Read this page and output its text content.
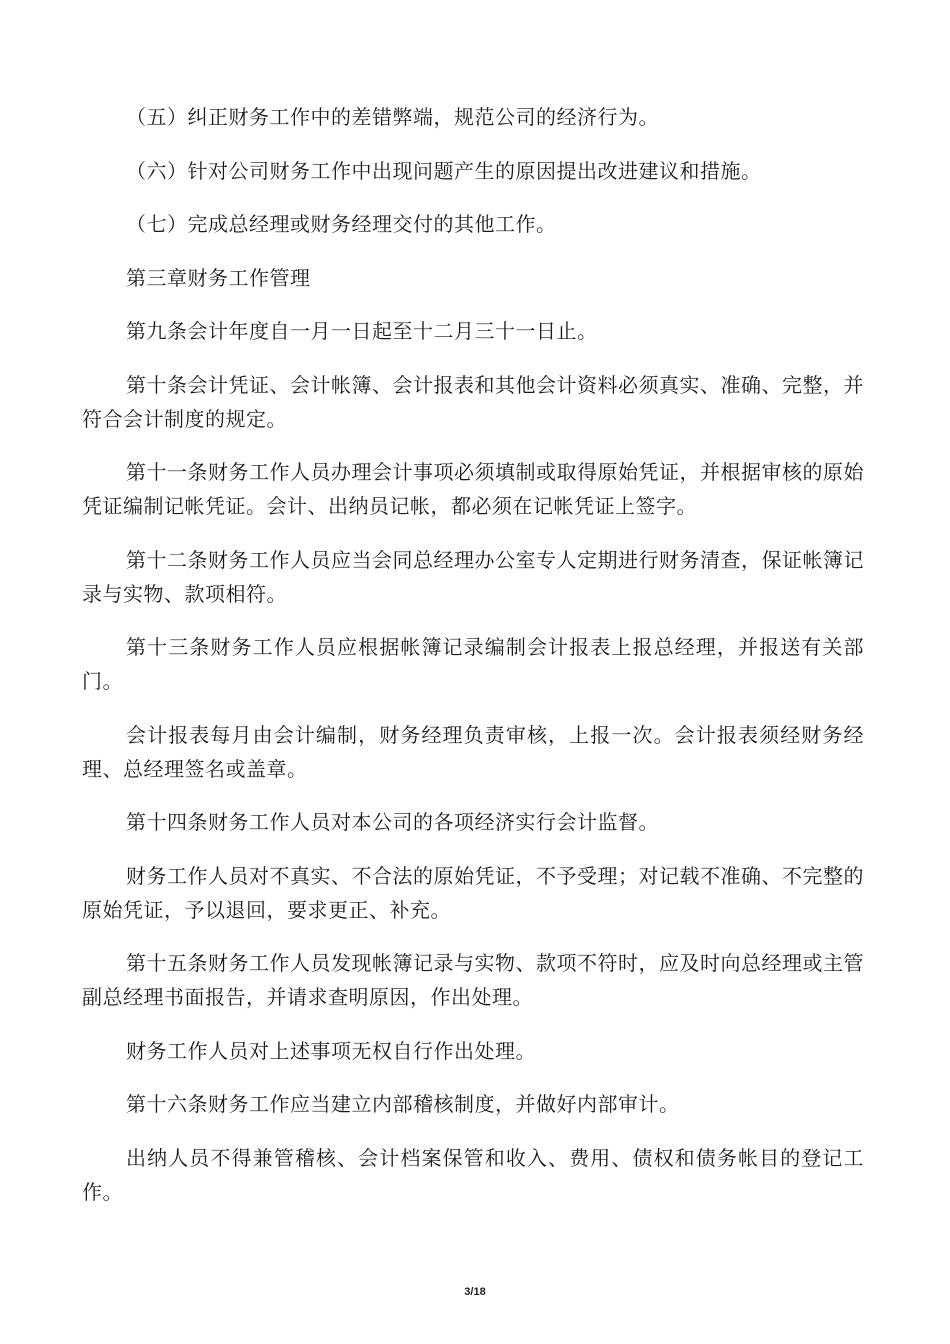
（五）纠正财务工作中的差错弊端，规范公司的经济行为。

（六）针对公司财务工作中出现问题产生的原因提出改进建议和措施。

（七）完成总经理或财务经理交付的其他工作。

第三章财务工作管理

第九条会计年度自一月一日起至十二月三十一日止。

第十条会计凭证、会计帐簿、会计报表和其他会计资料必须真实、准确、完整，并符合会计制度的规定。

第十一条财务工作人员办理会计事项必须填制或取得原始凭证，并根据审核的原始凭证编制记帐凭证。会计、出纳员记帐，都必须在记帐凭证上签字。

第十二条财务工作人员应当会同总经理办公室专人定期进行财务清查，保证帐簿记录与实物、款项相符。

第十三条财务工作人员应根据帐簿记录编制会计报表上报总经理，并报送有关部门。

会计报表每月由会计编制，财务经理负责审核，上报一次。会计报表须经财务经理、总经理签名或盖章。

第十四条财务工作人员对本公司的各项经济实行会计监督。

财务工作人员对不真实、不合法的原始凭证，不予受理；对记载不准确、不完整的原始凭证，予以退回，要求更正、补充。

第十五条财务工作人员发现帐簿记录与实物、款项不符时，应及时向总经理或主管副总经理书面报告，并请求查明原因，作出处理。

财务工作人员对上述事项无权自行作出处理。

第十六条财务工作应当建立内部稽核制度，并做好内部审计。

出纳人员不得兼管稽核、会计档案保管和收入、费用、债权和债务帐目的登记工作。

3/18
